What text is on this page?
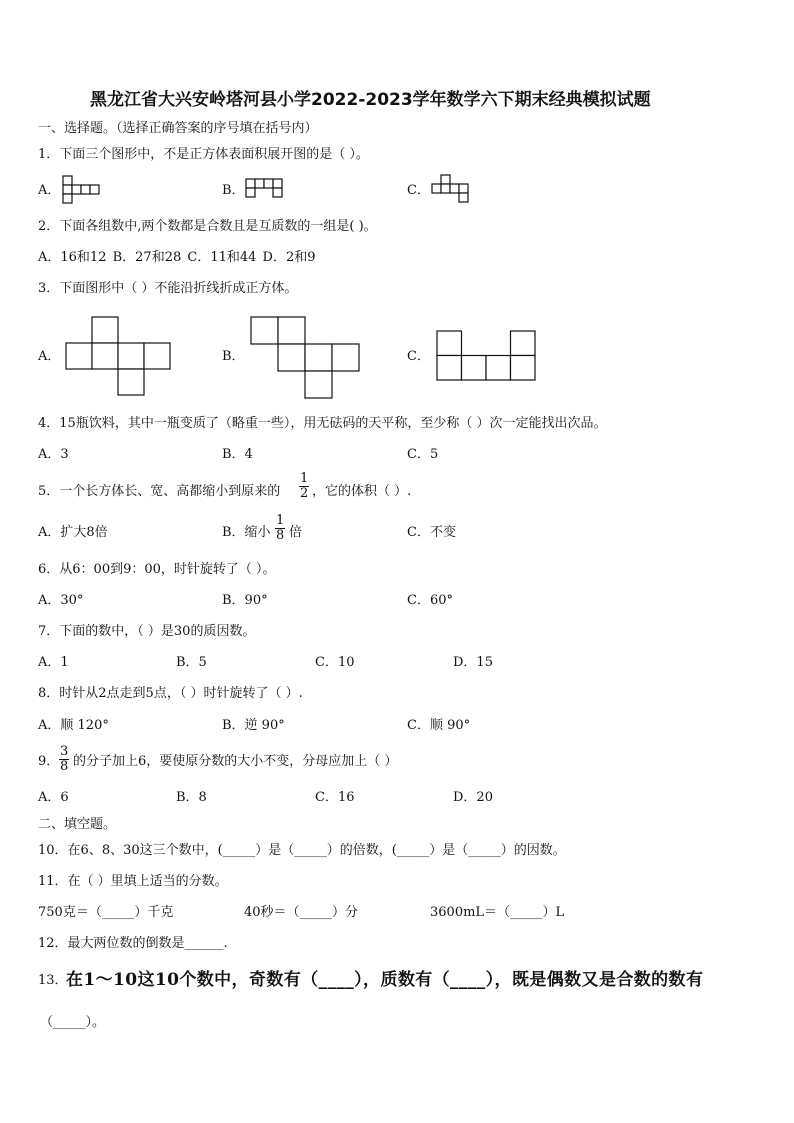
黑龙江省大兴安岭塔河县小学2022-2023学年数学六下期末经典模拟试题
一、选择题。（选择正确答案的序号填在括号内）
1．下面三个图形中，不是正方体表面积展开图的是（ ）。
A．	B．	C．
2．下面各组数中,两个数都是合数且是互质数的一组是( )。
A．16和12 B．27和28 C．11和44 D．2和9
3．下面图形中（ ）不能沿折线折成正方体。
A．	B．	C．
4．15瓶饮料，其中一瓶变质了（略重一些），用无砝码的天平称，至少称（ ）次一定能找出次品。
A．3	B．4	C．5
5．一个长方体长、宽、高都缩小到原来的 $\frac{1}{2}$ ，它的体积（ ）.
A．扩大8倍	B．缩小 $\frac{1}{8}$ 倍	C．不变
6．从6：00到9：00，时针旋转了（ ）。
A．30°	B．90°	C．60°
7．下面的数中，（ ）是30的质因数。
A．1	B．5	C．10	D．15
8．时针从2点走到5点，（ ）时针旋转了（ ）.
A．顺 120°	B．逆 90°	C．顺 90°
9． $\frac{3}{8}$ 的分子加上6，要使原分数的大小不变，分母应加上（ ）
A．6	B．8	C．16	D．20
二、填空题。
10．在6、8、30这三个数中，(_____）是（_____）的倍数，(_____）是（_____）的因数。
11．在（ ）里填上适当的分数。
750克＝（_____）千克	40秒＝（_____）分	3600mL＝（_____）L
12．最大两位数的倒数是______.
13．
在1～10这10个数中，奇数有（____），质数有（____），既是偶数又是合数的数有
（_____）。
